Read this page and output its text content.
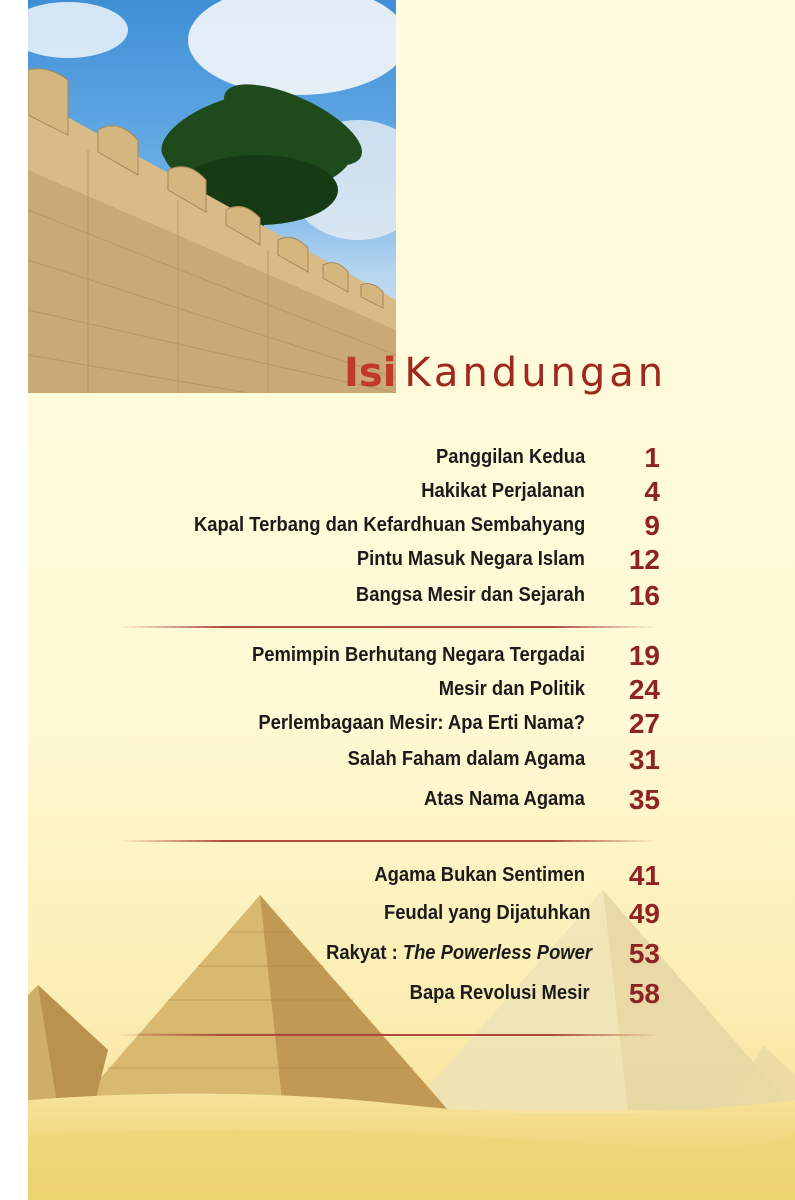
Isi Kandungan
Panggilan Kedua 1
Hakikat Perjalanan 4
Kapal Terbang dan Kefardhuan Sembahyang 9
Pintu Masuk Negara Islam 12
Bangsa Mesir dan Sejarah 16
Pemimpin Berhutang Negara Tergadai 19
Mesir dan Politik 24
Perlembagaan Mesir: Apa Erti Nama? 27
Salah Faham dalam Agama 31
Atas Nama Agama 35
Agama Bukan Sentimen 41
Feudal yang Dijatuhkan 49
Rakyat : The Powerless Power 53
Bapa Revolusi Mesir 58
